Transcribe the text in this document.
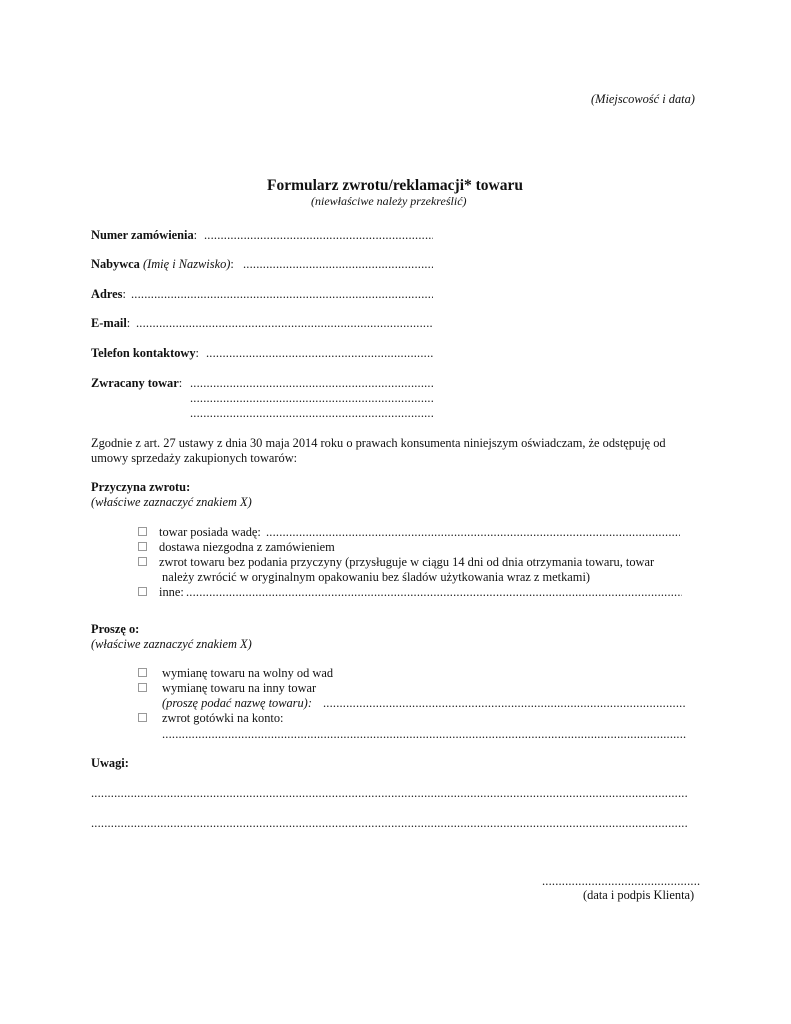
(Miejscowość i data)
Formularz zwrotu/reklamacji* towaru
(niewłaściwe należy przekreślić)
Numer zamówienia:
.....
Nabywca (Imię i Nazwisko):
.....
Adres:
.....
E-mail:
.....
Telefon kontaktowy:
.....
Zwracany towar:
.....
.....
.....
Zgodnie z art. 27 ustawy z dnia 30 maja 2014 roku o prawach konsumenta niniejszym oświadczam, że odstępuję od
umowy sprzedaży zakupionych towarów:
Przyczyna zwrotu:
(właściwe zaznaczyć znakiem X)
towar posiada wadę:
.....
dostawa niezgodna z zamówieniem
zwrot towaru bez podania przyczyny (przysługuje w ciągu 14 dni od dnia otrzymania towaru, towar
należy zwrócić w oryginalnym opakowaniu bez śladów użytkowania wraz z metkami)
inne:
.....
Proszę o:
(właściwe zaznaczyć znakiem X)
wymianę towaru na wolny od wad
wymianę towaru na inny towar
(proszę podać nazwę towaru):
.....
zwrot gotówki na konto:
.....
Uwagi:
.....
.....
.....
(data i podpis Klienta)
